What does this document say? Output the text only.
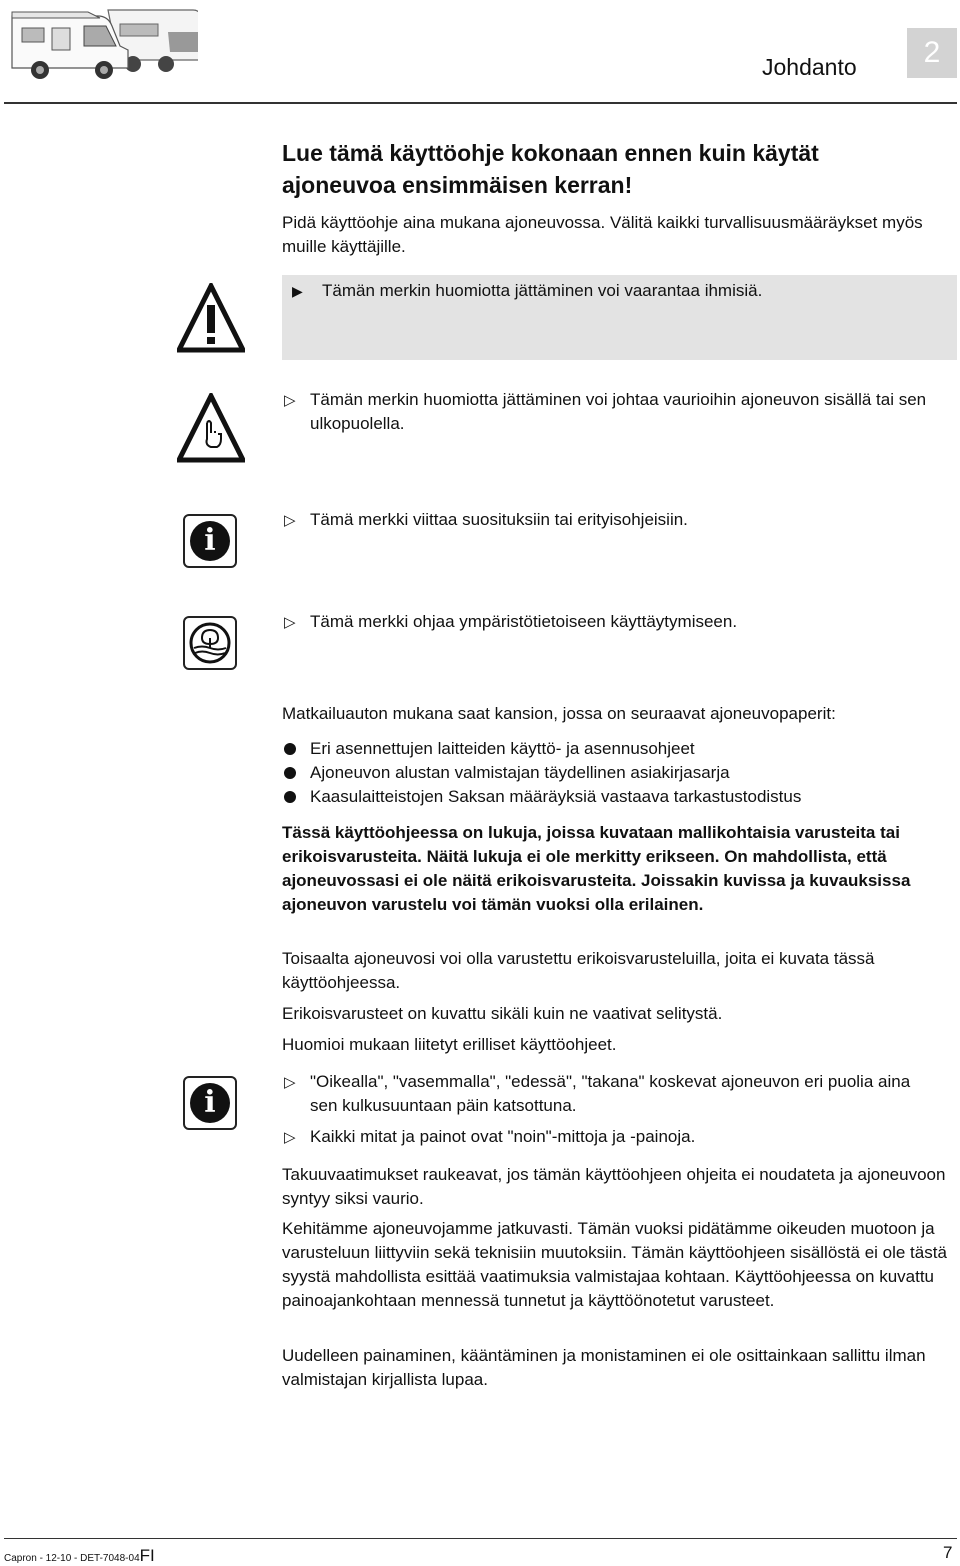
Johdanto	2
Lue tämä käyttöohje kokonaan ennen kuin käytät ajoneuvoa ensimmäisen kerran!
Pidä käyttöohje aina mukana ajoneuvossa. Välitä kaikki turvallisuusmääräykset myös muille käyttäjille.
▶ Tämän merkin huomiotta jättäminen voi vaarantaa ihmisiä.
▷ Tämän merkin huomiotta jättäminen voi johtaa vaurioihin ajoneuvon sisällä tai sen ulkopuolella.
i
▷ Tämä merkki viittaa suosituksiin tai erityisohjeisiin.
▷ Tämä merkki ohjaa ympäristötietoiseen käyttäytymiseen.
Matkailuauton mukana saat kansion, jossa on seuraavat ajoneuvopaperit:
Eri asennettujen laitteiden käyttö- ja asennusohjeet
Ajoneuvon alustan valmistajan täydellinen asiakirjasarja
Kaasulaitteistojen Saksan määräyksiä vastaava tarkastustodistus
Tässä käyttöohjeessa on lukuja, joissa kuvataan mallikohtaisia varusteita tai erikoisvarusteita. Näitä lukuja ei ole merkitty erikseen. On mahdollista, että ajoneuvossasi ei ole näitä erikoisvarusteita. Joissakin kuvissa ja kuvauksissa ajoneuvon varustelu voi tämän vuoksi olla erilainen.
Toisaalta ajoneuvosi voi olla varustettu erikoisvarusteluilla, joita ei kuvata tässä käyttöohjeessa.
Erikoisvarusteet on kuvattu sikäli kuin ne vaativat selitystä.
Huomioi mukaan liitetyt erilliset käyttöohjeet.
i
▷ "Oikealla", "vasemmalla", "edessä", "takana" koskevat ajoneuvon eri puolia aina sen kulkusuuntaan päin katsottuna.
▷ Kaikki mitat ja painot ovat "noin"-mittoja ja -painoja.
Takuuvaatimukset raukeavat, jos tämän käyttöohjeen ohjeita ei noudateta ja ajoneuvoon syntyy siksi vaurio.
Kehitämme ajoneuvojamme jatkuvasti. Tämän vuoksi pidätämme oikeuden muotoon ja varusteluun liittyviin sekä teknisiin muutoksiin. Tämän käyttöohjeen sisällöstä ei ole tästä syystä mahdollista esittää vaatimuksia valmistajaa kohtaan. Käyttöohjeessa on kuvattu painoajankohtaan mennessä tunnetut ja käyttöönotetut varusteet.
Uudelleen painaminen, kääntäminen ja monistaminen ei ole osittainkaan sallittu ilman valmistajan kirjallista lupaa.
Capron - 12-10 - DET-7048-04FI	7
